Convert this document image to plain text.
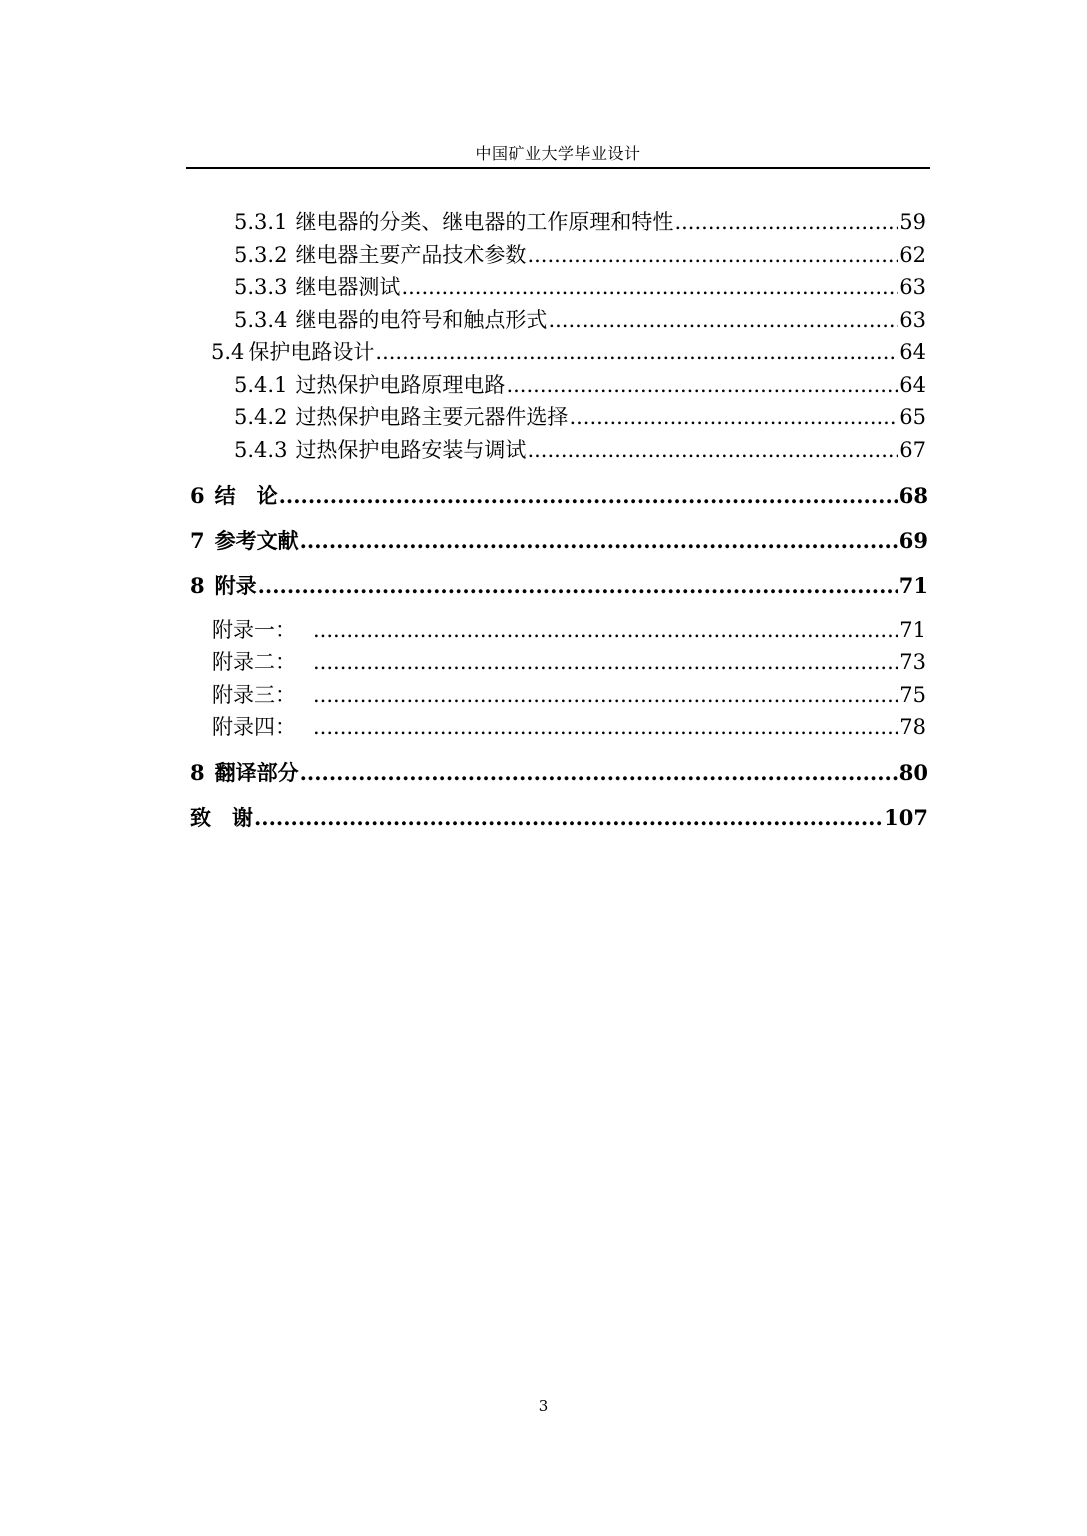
中国矿业大学毕业设计
5.3.1 继电器的分类、继电器的工作原理和特性 .....	59
5.3.2 继电器主要产品技术参数 .....	62
5.3.3 继电器测试 .....	63
5.3.4 继电器的电符号和触点形式 .....	63
5.4 保护电路设计 .....	64
5.4.1 过热保护电路原理电路 .....	64
5.4.2 过热保护电路主要元器件选择 .....	65
5.4.3 过热保护电路安装与调试 .....	67
6 结　论 .....	68
7 参考文献 .....	69
8 附录 .....	71
附录一： .....	71
附录二： .....	73
附录三： .....	75
附录四： .....	78
8 翻译部分 .....	80
致　谢 .....	107
3
